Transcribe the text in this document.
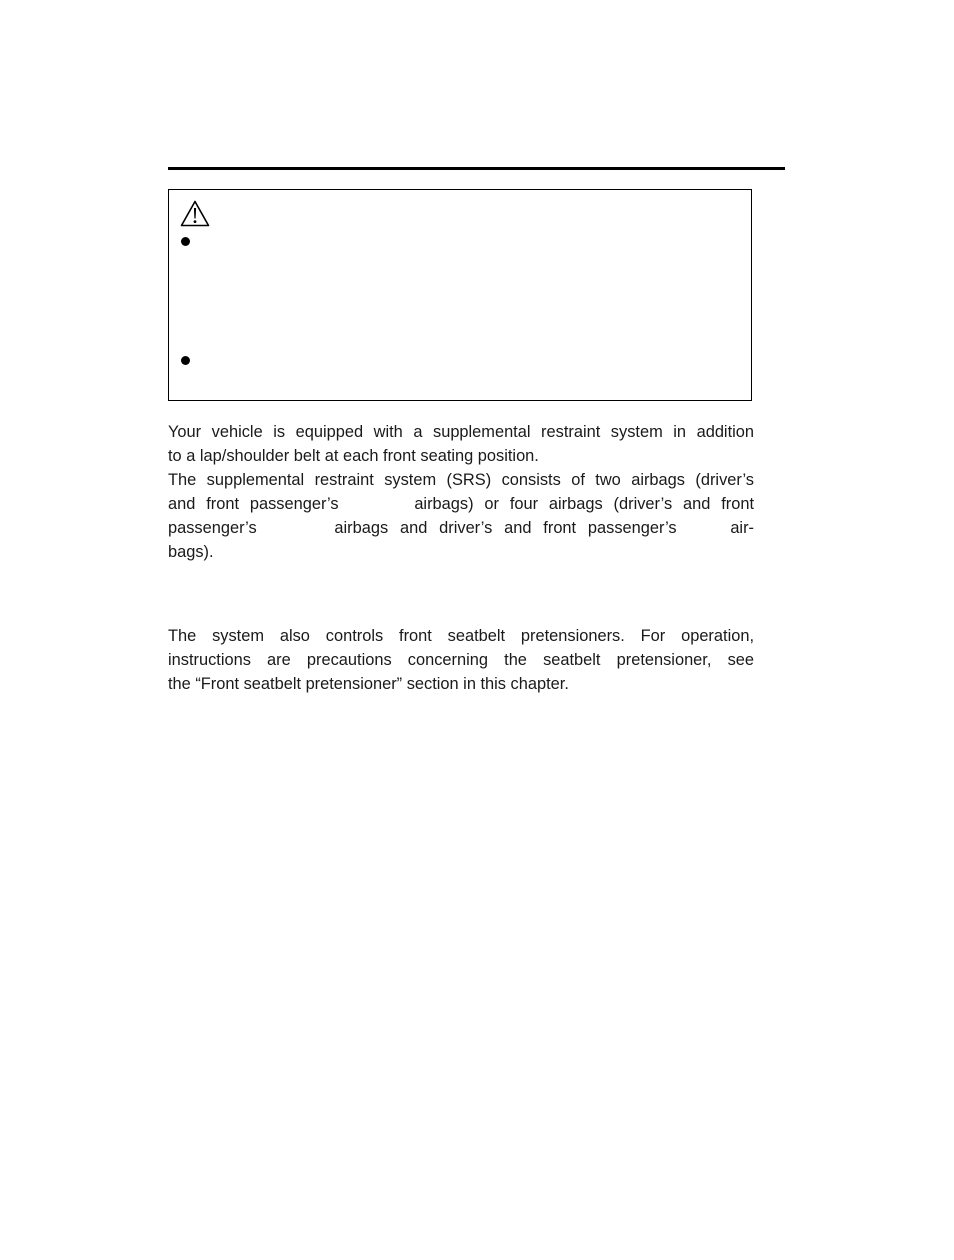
Your vehicle is equipped with a supplemental restraint system in addition
to a lap/shoulder belt at each front seating position.

The supplemental restraint system (SRS) consists of two airbags (driver’s
and front passenger’s	airbags) or four airbags (driver’s and front
passenger’s	airbags and driver’s and front passenger’s	air-
bags).

The system also controls front seatbelt pretensioners. For operation,
instructions are precautions concerning the seatbelt pretensioner, see
the “Front seatbelt pretensioner” section in this chapter.
